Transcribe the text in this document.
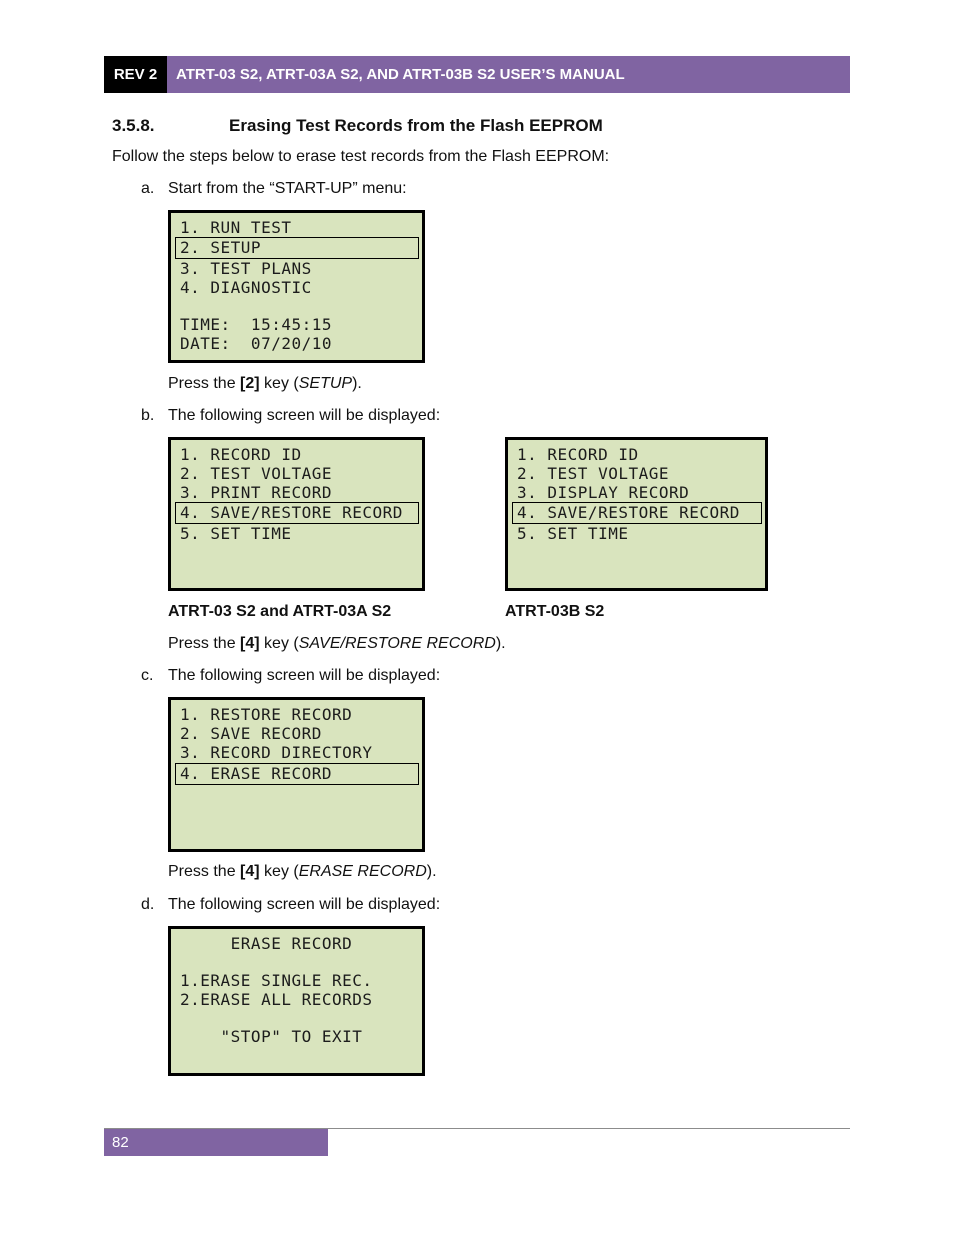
REV 2	ATRT-03 S2, ATRT-03A S2, AND ATRT-03B S2 USER’S MANUAL
3.5.8.	Erasing Test Records from the Flash EEPROM
Follow the steps below to erase test records from the Flash EEPROM:
a. Start from the “START-UP” menu:
1. RUN TEST
2. SETUP
3. TEST PLANS
4. DIAGNOSTIC
TIME:  15:45:15
DATE:  07/20/10
Press the [2] key (SETUP).
b. The following screen will be displayed:
1. RECORD ID
2. TEST VOLTAGE
3. PRINT RECORD
4. SAVE/RESTORE RECORD
5. SET TIME
1. RECORD ID
2. TEST VOLTAGE
3. DISPLAY RECORD
4. SAVE/RESTORE RECORD
5. SET TIME
ATRT-03 S2 and ATRT-03A S2	ATRT-03B S2
Press the [4] key (SAVE/RESTORE RECORD).
c. The following screen will be displayed:
1. RESTORE RECORD
2. SAVE RECORD
3. RECORD DIRECTORY
4. ERASE RECORD
Press the [4] key (ERASE RECORD).
d. The following screen will be displayed:
ERASE RECORD
1.ERASE SINGLE REC.
2.ERASE ALL RECORDS
"STOP" TO EXIT
82
